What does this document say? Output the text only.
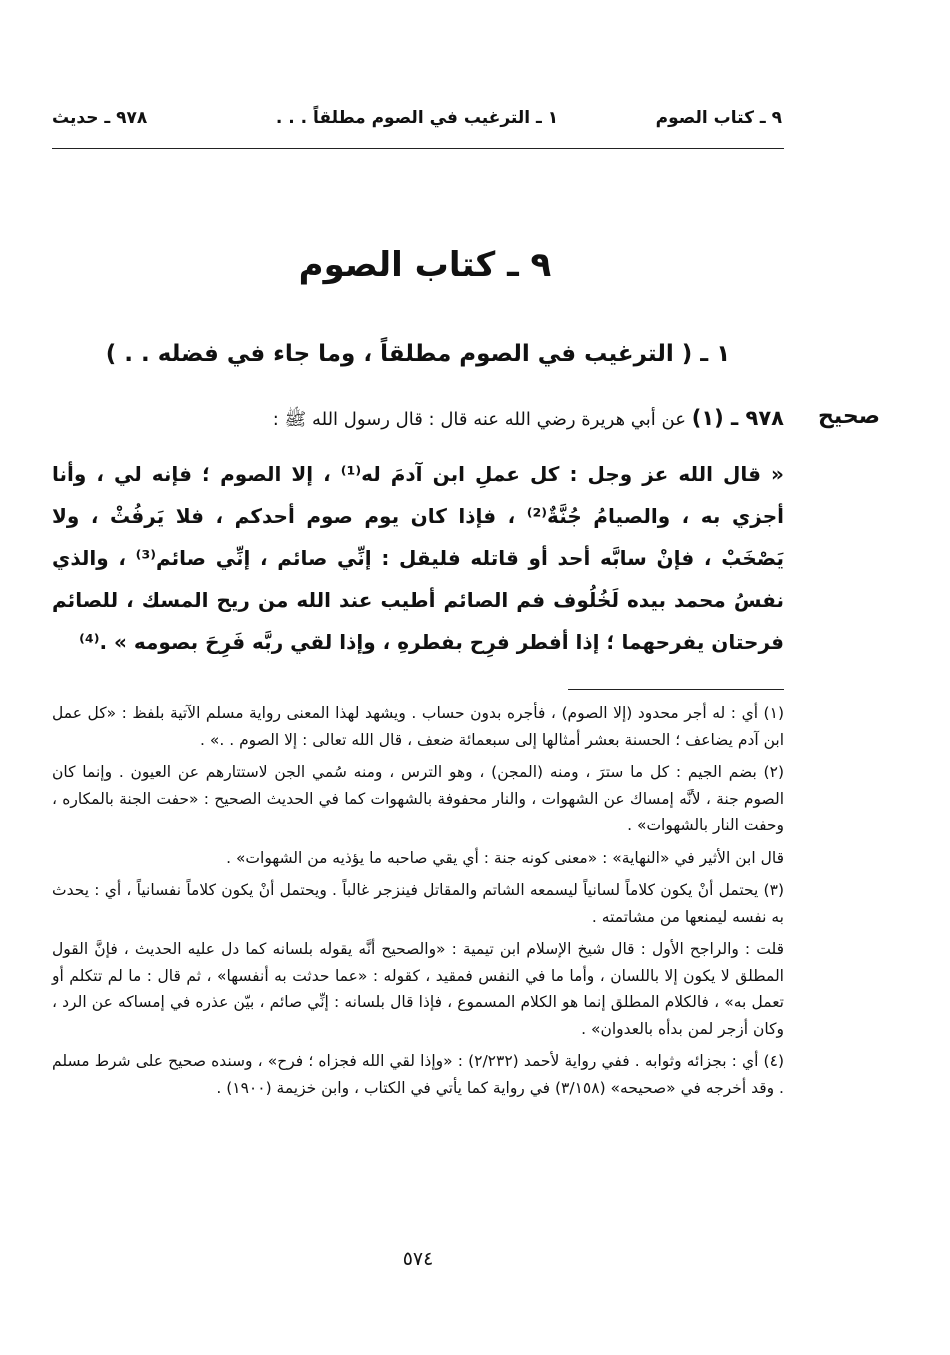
٩ ـ كتاب الصوم
١ ـ الترغيب في الصوم مطلقاً . . .
٩٧٨ ـ حديث
٩ ـ كتاب الصوم
١ ـ ( الترغيب في الصوم مطلقاً ، وما جاء في فضله . . )
صحيح
٩٧٨ ـ (١) عن أبي هريرة رضي الله عنه قال : قال رسول الله ﷺ :
« قال الله عز وجل : كل عملِ ابن آدمَ له⁽¹⁾ ، إلا الصوم ؛ فإنه لي ، وأنا أجزي به ، والصيامُ جُنَّةٌ⁽²⁾ ، فإذا كان يوم صوم أحدكم ، فلا يَرفُثْ ، ولا يَصْخَبْ ، فإنْ سابَّه أحد أو قاتله فليقل : إنِّي صائم ، إنِّي صائم⁽³⁾ ، والذي نفسُ محمد بيده لَخُلُوف فم الصائم أطيب عند الله من ريح المسك ، للصائم فرحتان يفرحهما ؛ إذا أفطر فرِح بفطرهِ ، وإذا لقي ربَّه فَرِحَ بصومه » .⁽⁴⁾

(١) أي : له أجر محدود (إلا الصوم) ، فأجره بدون حساب . ويشهد لهذا المعنى رواية مسلم الآتية بلفظ : «كل عمل ابن آدم يضاعف ؛ الحسنة بعشر أمثالها إلى سبعمائة ضعف ، قال الله تعالى : إلا الصوم . .» .

(٢) بضم الجيم : كل ما سترَ ، ومنه (المجن) ، وهو الترس ، ومنه سُمي الجن لاستتارهم عن العيون . وإنما كان الصوم جنة ، لأنَّه إمساك عن الشهوات ، والنار محفوفة بالشهوات كما في الحديث الصحيح : «حفت الجنة بالمكاره ، وحفت النار بالشهوات» .

قال ابن الأثير في «النهاية» : «معنى كونه جنة : أي يقي صاحبه ما يؤذيه من الشهوات» .

(٣) يحتمل أنْ يكون كلاماً لسانياً ليسمعه الشاتم والمقاتل فينزجر غالباً . ويحتمل أنْ يكون كلاماً نفسانياً ، أي : يحدث به نفسه ليمنعها من مشاتمته .

قلت : والراجح الأول : قال شيخ الإسلام ابن تيمية : «والصحيح أنَّه يقوله بلسانه كما دل عليه الحديث ، فإنَّ القول المطلق لا يكون إلا باللسان ، وأما ما في النفس فمقيد ، كقوله : «عما حدثت به أنفسها» ، ثم قال : ما لم تتكلم أو تعمل به» ، فالكلام المطلق إنما هو الكلام المسموع ، فإذا قال بلسانه : إنِّي صائم ، بيّن عذره في إمساكه عن الرد ، وكان أزجر لمن بدأه بالعدوان» .

(٤) أي : بجزائه وثوابه . ففي رواية لأحمد (٢/٢٣٢) : «وإذا لقي الله فجزاه ؛ فرح» ، وسنده صحيح على شرط مسلم . وقد أخرجه في «صحيحه» (٣/١٥٨) في رواية كما يأتي في الكتاب ، وابن خزيمة (١٩٠٠) .

٥٧٤
